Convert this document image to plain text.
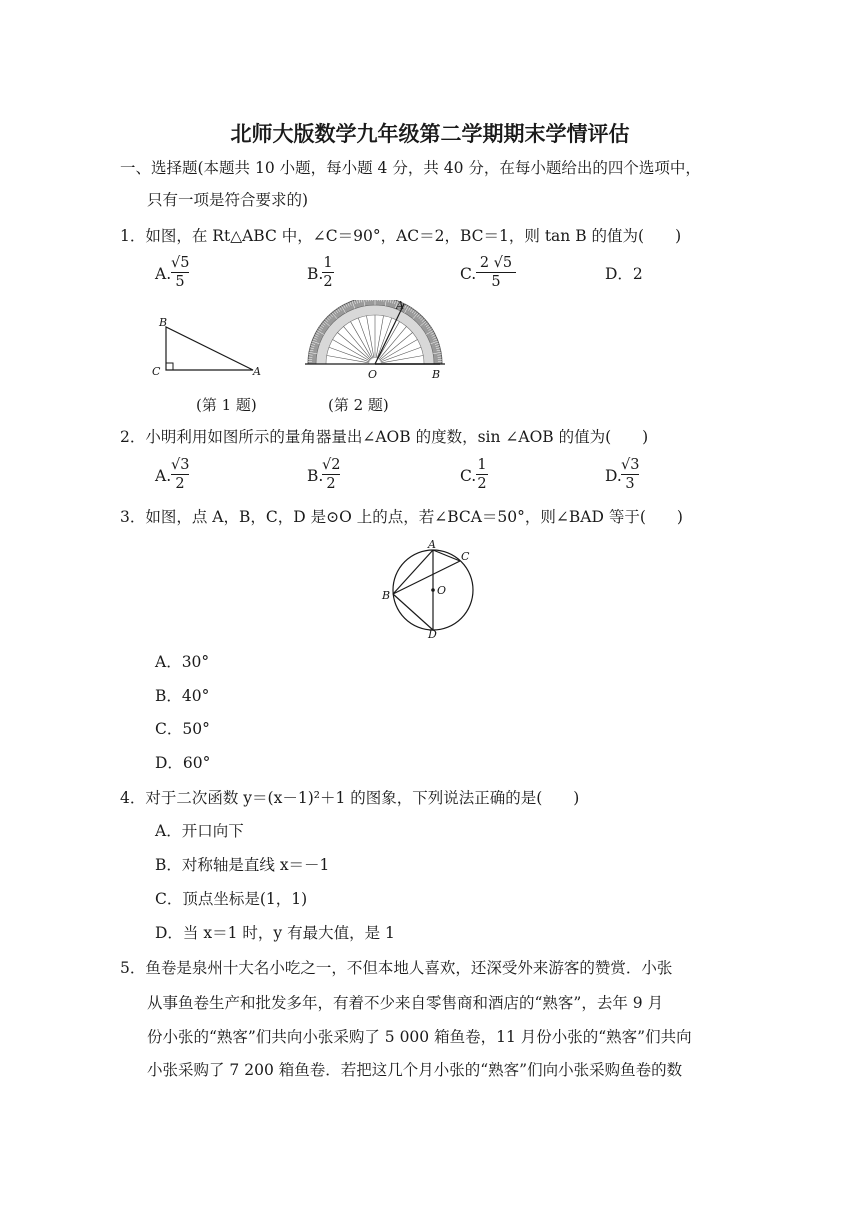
北师大版数学九年级第二学期期末学情评估
一、选择题(本题共 10 小题，每小题 4 分，共 40 分，在每小题给出的四个选项中，
只有一项是符合要求的)
1．如图，在 Rt△ABC 中，∠C＝90°，AC＝2，BC＝1，则 tan B 的值为(　　)
A.
√5
5	B.
1
2	C.
2 √5
5	D．2
B
C	A
A
O	B
(第 1 题)	(第 2 题)
2．小明利用如图所示的量角器量出∠AOB 的度数，sin ∠AOB 的值为(　　)
A.
√3
2	B.
√2
2	C.
1
2	D.
√3
3
3．如图，点 A，B，C，D 是⊙O 上的点，若∠BCA＝50°，则∠BAD 等于(　　)
A
C
B
D
O
A．30°
B．40°
C．50°
D．60°
4．对于二次函数 y＝(x－1)²＋1 的图象，下列说法正确的是(　　)
A．开口向下
B．对称轴是直线 x＝－1
C．顶点坐标是(1，1)
D．当 x＝1 时，y 有最大值，是 1
5．鱼卷是泉州十大名小吃之一，不但本地人喜欢，还深受外来游客的赞赏．小张
从事鱼卷生产和批发多年，有着不少来自零售商和酒店的“熟客”，去年 9 月
份小张的“熟客”们共向小张采购了 5 000 箱鱼卷，11 月份小张的“熟客”们共向
小张采购了 7 200 箱鱼卷．若把这几个月小张的“熟客”们向小张采购鱼卷的数
